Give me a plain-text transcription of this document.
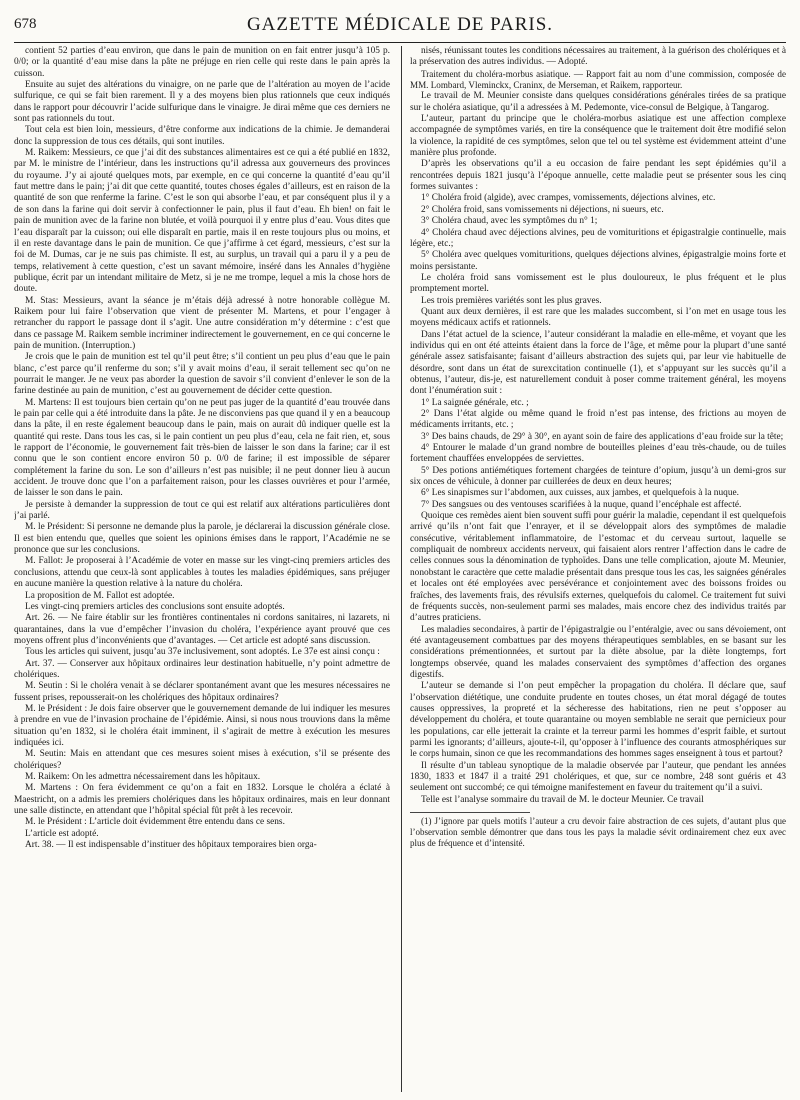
678	GAZETTE MÉDICALE DE PARIS.

contient 52 parties d’eau environ, que dans le pain de munition on en fait entrer jusqu’à 105 p. 0/0; or la quantité d’eau mise dans la pâte ne préjuge en rien celle qui reste dans le pain après la cuisson.

Ensuite au sujet des altérations du vinaigre, on ne parle que de l’altération au moyen de l’acide sulfurique, ce qui se fait bien rarement. Il y a des moyens bien plus rationnels que ceux indiqués dans le rapport pour découvrir l’acide sulfurique dans le vinaigre. Je dirai même que ces derniers ne sont pas rationnels du tout.

Tout cela est bien loin, messieurs, d’être conforme aux indications de la chimie. Je demanderai donc la suppression de tous ces détails, qui sont inutiles.

M. Raikem: Messieurs, ce que j’ai dit des substances alimentaires est ce qui a été publié en 1832, par M. le ministre de l’intérieur, dans les instructions qu’il adressa aux gouverneurs des provinces du royaume. J’y ai ajouté quelques mots, par exemple, en ce qui concerne la quantité d’eau qu’il faut mettre dans le pain; j’ai dit que cette quantité, toutes choses égales d’ailleurs, est en raison de la quantité de son que renferme la farine. C’est le son qui absorbe l’eau, et par conséquent plus il y a de son dans la farine qui doit servir à confectionner le pain, plus il faut d’eau. Eh bien! on fait le pain de munition avec de la farine non blutée, et voilà pourquoi il y entre plus d’eau. Vous dites que l’eau disparaît par la cuisson; oui elle disparaît en partie, mais il en reste toujours plus ou moins, et il en reste davantage dans le pain de munition. Ce que j’affirme à cet égard, messieurs, c’est sur la foi de M. Dumas, car je ne suis pas chimiste. Il est, au surplus, un travail qui a paru il y a peu de temps, relativement à cette question, c’est un savant mémoire, inséré dans les Annales d’hygiène publique, écrit par un intendant militaire de Metz, si je ne me trompe, lequel a mis la chose hors de doute.

M. Stas: Messieurs, avant la séance je m’étais déjà adressé à notre honorable collègue M. Raikem pour lui faire l’observation que vient de présenter M. Martens, et pour l’engager à retrancher du rapport le passage dont il s’agit. Une autre considération m’y détermine : c’est que dans ce passage M. Raikem semble incriminer indirectement le gouvernement, en ce qui concerne le pain de munition. (Interruption.)

Je crois que le pain de munition est tel qu’il peut être; s’il contient un peu plus d’eau que le pain blanc, c’est parce qu’il renferme du son; s’il y avait moins d’eau, il serait tellement sec qu’on ne pourrait le manger. Je ne veux pas aborder la question de savoir s’il convient d’enlever le son de la farine destinée au pain de munition, c’est au gouvernement de décider cette question.

M. Martens: Il est toujours bien certain qu’on ne peut pas juger de la quantité d’eau trouvée dans le pain par celle qui a été introduite dans la pâte. Je ne disconviens pas que quand il y en a beaucoup dans la pâte, il en reste également beaucoup dans le pain, mais on aurait dû indiquer quelle est la quantité qui reste. Dans tous les cas, si le pain contient un peu plus d’eau, cela ne fait rien, et, sous le rapport de l’économie, le gouvernement fait très-bien de laisser le son dans la farine; car il est connu que le son contient encore environ 50 p. 0/0 de farine; il est impossible de séparer complétement la farine du son. Le son d’ailleurs n’est pas nuisible; il ne peut donner lieu à aucun accident. Je trouve donc que l’on a parfaitement raison, pour les classes ouvrières et pour l’armée, de laisser le son dans le pain.

Je persiste à demander la suppression de tout ce qui est relatif aux altérations particulières dont j’ai parlé.

M. le Président: Si personne ne demande plus la parole, je déclarerai la discussion générale close. Il est bien entendu que, quelles que soient les opinions émises dans le rapport, l’Académie ne se prononce que sur les conclusions.

M. Fallot: Je proposerai à l’Académie de voter en masse sur les vingt-cinq premiers articles des conclusions, attendu que ceux-là sont applicables à toutes les maladies épidémiques, sans préjuger en aucune manière la question relative à la nature du choléra.

La proposition de M. Fallot est adoptée.

Les vingt-cinq premiers articles des conclusions sont ensuite adoptés.

Art. 26. — Ne faire établir sur les frontières continentales ni cordons sanitaires, ni lazarets, ni quarantaines, dans la vue d’empêcher l’invasion du choléra, l’expérience ayant prouvé que ces moyens offrent plus d’inconvénients que d’avantages. — Cet article est adopté sans discussion.

Tous les articles qui suivent, jusqu’au 37e inclusivement, sont adoptés. Le 37e est ainsi conçu :

Art. 37. — Conserver aux hôpitaux ordinaires leur destination habituelle, n’y point admettre de cholériques.

M. Seutin : Si le choléra venait à se déclarer spontanément avant que les mesures nécessaires ne fussent prises, repousserait-on les cholériques des hôpitaux ordinaires?

M. le Président : Je dois faire observer que le gouvernement demande de lui indiquer les mesures à prendre en vue de l’invasion prochaine de l’épidémie. Ainsi, si nous nous trouvions dans la même situation qu’en 1832, si le choléra était imminent, il s’agirait de mettre à exécution les mesures indiquées ici.

M. Seutin: Mais en attendant que ces mesures soient mises à exécution, s’il se présente des cholériques?

M. Raikem: On les admettra nécessairement dans les hôpitaux.

M. Martens : On fera évidemment ce qu’on a fait en 1832. Lorsque le choléra a éclaté à Maestricht, on a admis les premiers cholériques dans les hôpitaux ordinaires, mais en leur donnant une salle distincte, en attendant que l’hôpital spécial fût prêt à les recevoir.

M. le Président : L’article doit évidemment être entendu dans ce sens.

L’article est adopté.

Art. 38. — Il est indispensable d’instituer des hôpitaux temporaires bien orga-

nisés, réunissant toutes les conditions nécessaires au traitement, à la guérison des cholériques et à la préservation des autres individus. — Adopté.

Traitement du choléra-morbus asiatique. — Rapport fait au nom d’une commission, composée de MM. Lombard, Vleminckx, Craninx, de Merseman, et Raikem, rapporteur.

Le travail de M. Meunier consiste dans quelques considérations générales tirées de sa pratique sur le choléra asiatique, qu’il a adressées à M. Pedemonte, vice-consul de Belgique, à Tangarog.

L’auteur, partant du principe que le choléra-morbus asiatique est une affection complexe accompagnée de symptômes variés, en tire la conséquence que le traitement doit être modifié selon la violence, la rapidité de ces symptômes, selon que tel ou tel système est évidemment atteint d’une manière plus profonde.

D’après les observations qu’il a eu occasion de faire pendant les sept épidémies qu’il a rencontrées depuis 1821 jusqu’à l’époque annuelle, cette maladie peut se présenter sous les cinq formes suivantes :

1° Choléra froid (algide), avec crampes, vomissements, déjections alvines, etc.

2° Choléra froid, sans vomissements ni déjections, ni sueurs, etc.

3° Choléra chaud, avec les symptômes du n° 1;

4° Choléra chaud avec déjections alvines, peu de vomituritions et épigastralgie continuelle, mais légère, etc.;

5° Choléra avec quelques vomituritions, quelques déjections alvines, épigastralgie moins forte et moins persistante.

Le choléra froid sans vomissement est le plus douloureux, le plus fréquent et le plus promptement mortel.

Les trois premières variétés sont les plus graves.

Quant aux deux dernières, il est rare que les malades succombent, si l’on met en usage tous les moyens médicaux actifs et rationnels.

Dans l’état actuel de la science, l’auteur considérant la maladie en elle-même, et voyant que les individus qui en ont été atteints étaient dans la force de l’âge, et même pour la plupart d’une santé générale assez satisfaisante; faisant d’ailleurs abstraction des sujets qui, par leur vie habituelle de désordre, sont dans un état de surexcitation continuelle (1), et s’appuyant sur les succès qu’il a obtenus, l’auteur, dis-je, est naturellement conduit à poser comme traitement général, les moyens dont l’énumération suit :

1° La saignée générale, etc. ;

2° Dans l’état algide ou même quand le froid n’est pas intense, des frictions au moyen de médicaments irritants, etc. ;

3° Des bains chauds, de 29° à 30°, en ayant soin de faire des applications d’eau froide sur la tête;

4° Entourer le malade d’un grand nombre de bouteilles pleines d’eau très-chaude, ou de tuiles fortement chauffées enveloppées de serviettes.

5° Des potions antiémétiques fortement chargées de teinture d’opium, jusqu’à un demi-gros sur six onces de véhicule, à donner par cuillerées de deux en deux heures;

6° Les sinapismes sur l’abdomen, aux cuisses, aux jambes, et quelquefois à la nuque.

7° Des sangsues ou des ventouses scarifiées à la nuque, quand l’encéphale est affecté.

Quoique ces remèdes aient bien souvent suffi pour guérir la maladie, cependant il est quelquefois arrivé qu’ils n’ont fait que l’enrayer, et il se développait alors des symptômes de maladie consécutive, véritablement inflammatoire, de l’estomac et du cerveau surtout, laquelle se compliquait de nombreux accidents nerveux, qui faisaient alors rentrer l’affection dans le cadre de celles connues sous la dénomination de typhoïdes. Dans une telle complication, ajoute M. Meunier, nonobstant le caractère que cette maladie présentait dans presque tous les cas, les saignées générales et locales ont été employées avec persévérance et conjointement avec des boissons froides ou fraîches, des lavements frais, des révulsifs externes, quelquefois du calomel. Ce traitement fut suivi de fréquents succès, non-seulement parmi ses malades, mais encore chez des individus traités par d’autres praticiens.

Les maladies secondaires, à partir de l’épigastralgie ou l’entéralgie, avec ou sans dévoiement, ont été avantageusement combattues par des moyens thérapeutiques semblables, en se basant sur les considérations prémentionnées, et surtout par la diète absolue, par la diète longtemps, fort longtemps observée, quand les malades conservaient des symptômes d’affection des organes digestifs.

L’auteur se demande si l’on peut empêcher la propagation du choléra. Il déclare que, sauf l’observation diététique, une conduite prudente en toutes choses, un état moral dégagé de toutes causes oppressives, la propreté et la sécheresse des habitations, rien ne peut s’opposer au développement du choléra, et toute quarantaine ou moyen semblable ne serait que pernicieux pour les populations, car elle jetterait la crainte et la terreur parmi les hommes d’esprit faible, et surtout parmi les ignorants; d’ailleurs, ajoute-t-il, qu’opposer à l’influence des courants atmosphériques sur le corps humain, sinon ce que les recommandations des hommes sages enseignent à tous et partout?

Il résulte d’un tableau synoptique de la maladie observée par l’auteur, que pendant les années 1830, 1833 et 1847 il a traité 291 cholériques, et que, sur ce nombre, 248 sont guéris et 43 seulement ont succombé; ce qui témoigne manifestement en faveur du traitement qu’il a suivi.

Telle est l’analyse sommaire du travail de M. le docteur Meunier. Ce travail

(1) J’ignore par quels motifs l’auteur a cru devoir faire abstraction de ces sujets, d’autant plus que l’observation semble démontrer que dans tous les pays la maladie sévit ordinairement chez eux avec plus de fréquence et d’intensité.
